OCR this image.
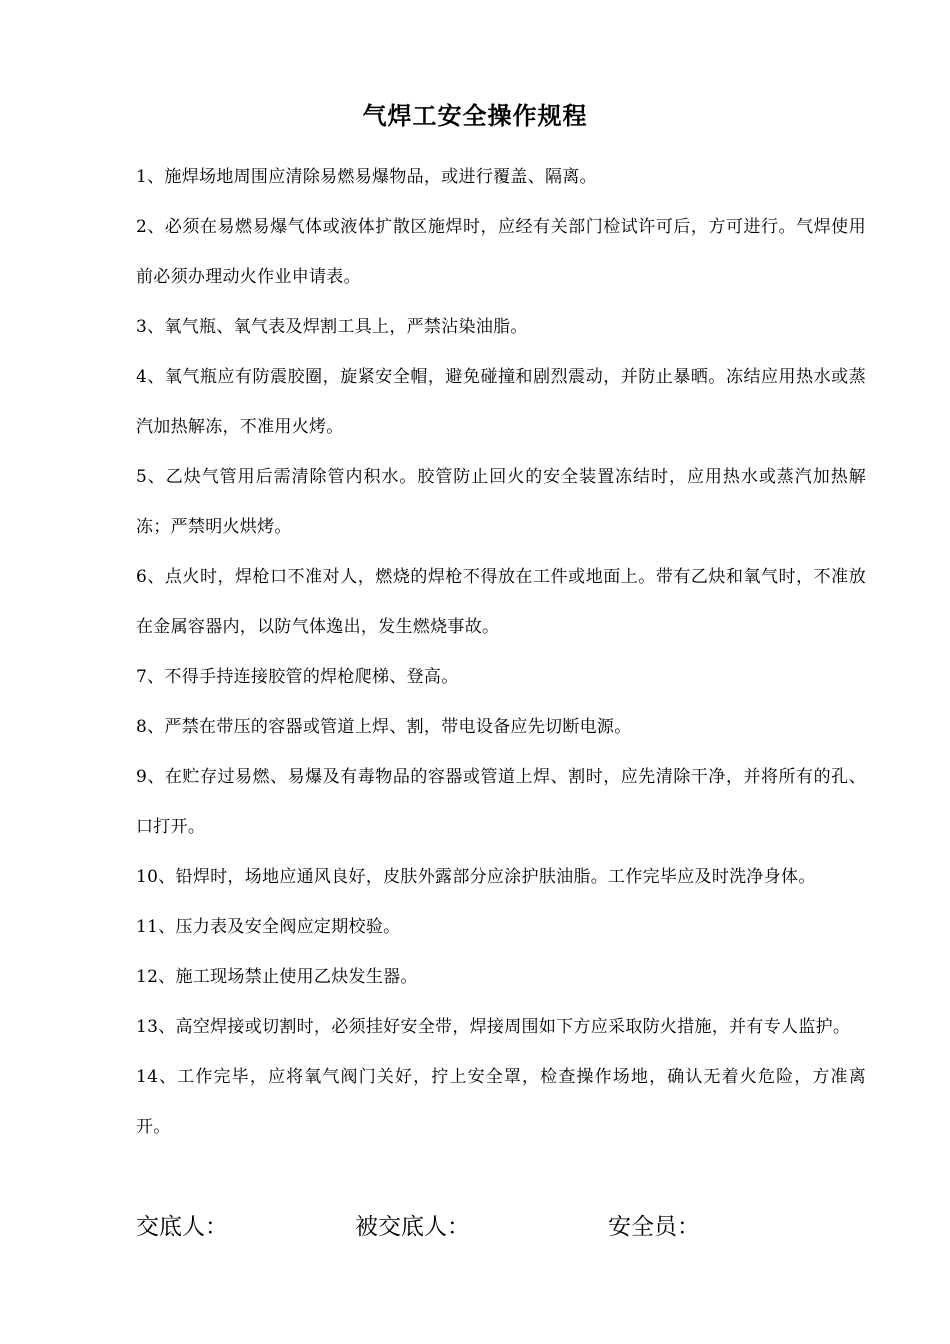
气焊工安全操作规程
1、施焊场地周围应清除易燃易爆物品，或进行覆盖、隔离。
2、必须在易燃易爆气体或液体扩散区施焊时，应经有关部门检试许可后，方可进行。气焊使用前必须办理动火作业申请表。
3、氧气瓶、氧气表及焊割工具上，严禁沾染油脂。
4、氧气瓶应有防震胶圈，旋紧安全帽，避免碰撞和剧烈震动，并防止暴晒。冻结应用热水或蒸汽加热解冻，不准用火烤。
5、乙炔气管用后需清除管内积水。胶管防止回火的安全装置冻结时，应用热水或蒸汽加热解冻；严禁明火烘烤。
6、点火时，焊枪口不准对人，燃烧的焊枪不得放在工件或地面上。带有乙炔和氧气时，不准放在金属容器内，以防气体逸出，发生燃烧事故。
7、不得手持连接胶管的焊枪爬梯、登高。
8、严禁在带压的容器或管道上焊、割，带电设备应先切断电源。
9、在贮存过易燃、易爆及有毒物品的容器或管道上焊、割时，应先清除干净，并将所有的孔、口打开。
10、铅焊时，场地应通风良好，皮肤外露部分应涂护肤油脂。工作完毕应及时洗净身体。
11、压力表及安全阀应定期校验。
12、施工现场禁止使用乙炔发生器。
13、高空焊接或切割时，必须挂好安全带，焊接周围如下方应采取防火措施，并有专人监护。
14、工作完毕，应将氧气阀门关好，拧上安全罩，检查操作场地，确认无着火危险，方准离开。
交底人：	被交底人：	安全员：
